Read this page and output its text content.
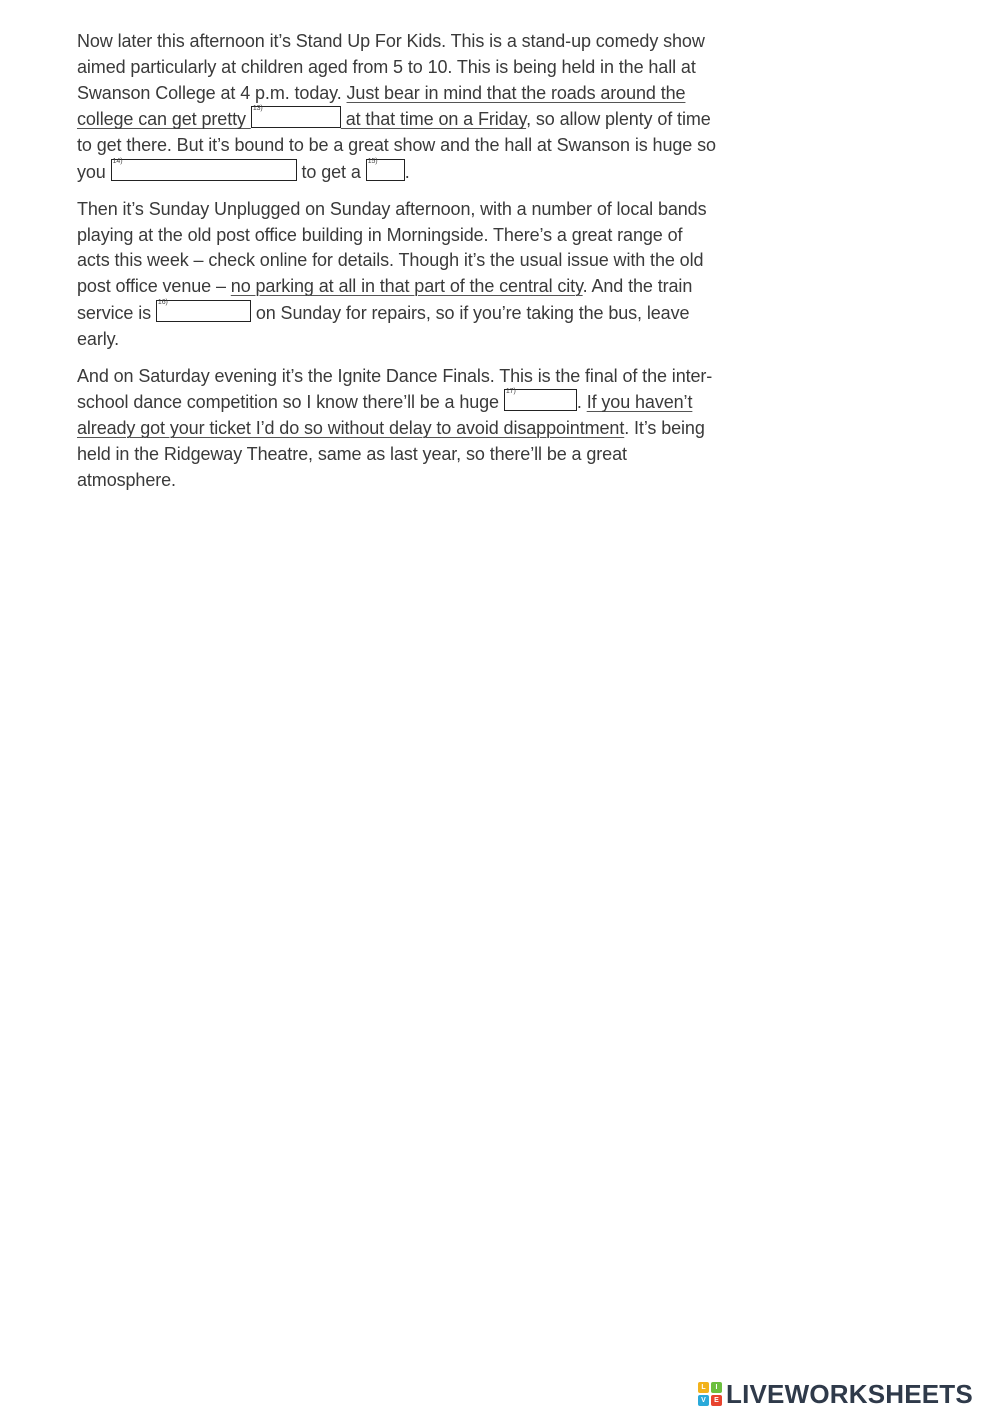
Now later this afternoon it’s Stand Up For Kids. This is a stand-up comedy show aimed particularly at children aged from 5 to 10. This is being held in the hall at Swanson College at 4 p.m. today. Just bear in mind that the roads around the college can get pretty
13)
at that time on a Friday, so allow plenty of time to get there. But it’s bound to be a great show and the hall at Swanson is huge so you
14)
to get a
15)
.

Then it’s Sunday Unplugged on Sunday afternoon, with a number of local bands playing at the old post office building in Morningside. There’s a great range of acts this week – check online for details. Though it’s the usual issue with the old post office venue – no parking at all in that part of the central city. And the train service is
16)
on Sunday for repairs, so if you’re taking the bus, leave early.

And on Saturday evening it’s the Ignite Dance Finals. This is the final of the inter-school dance competition so I know there’ll be a huge
17)
. If you haven’t already got your ticket I’d do so without delay to avoid disappointment. It’s being held in the Ridgeway Theatre, same as last year, so there’ll be a great atmosphere.

L	I
V	E LIVEWORKSHEETS
